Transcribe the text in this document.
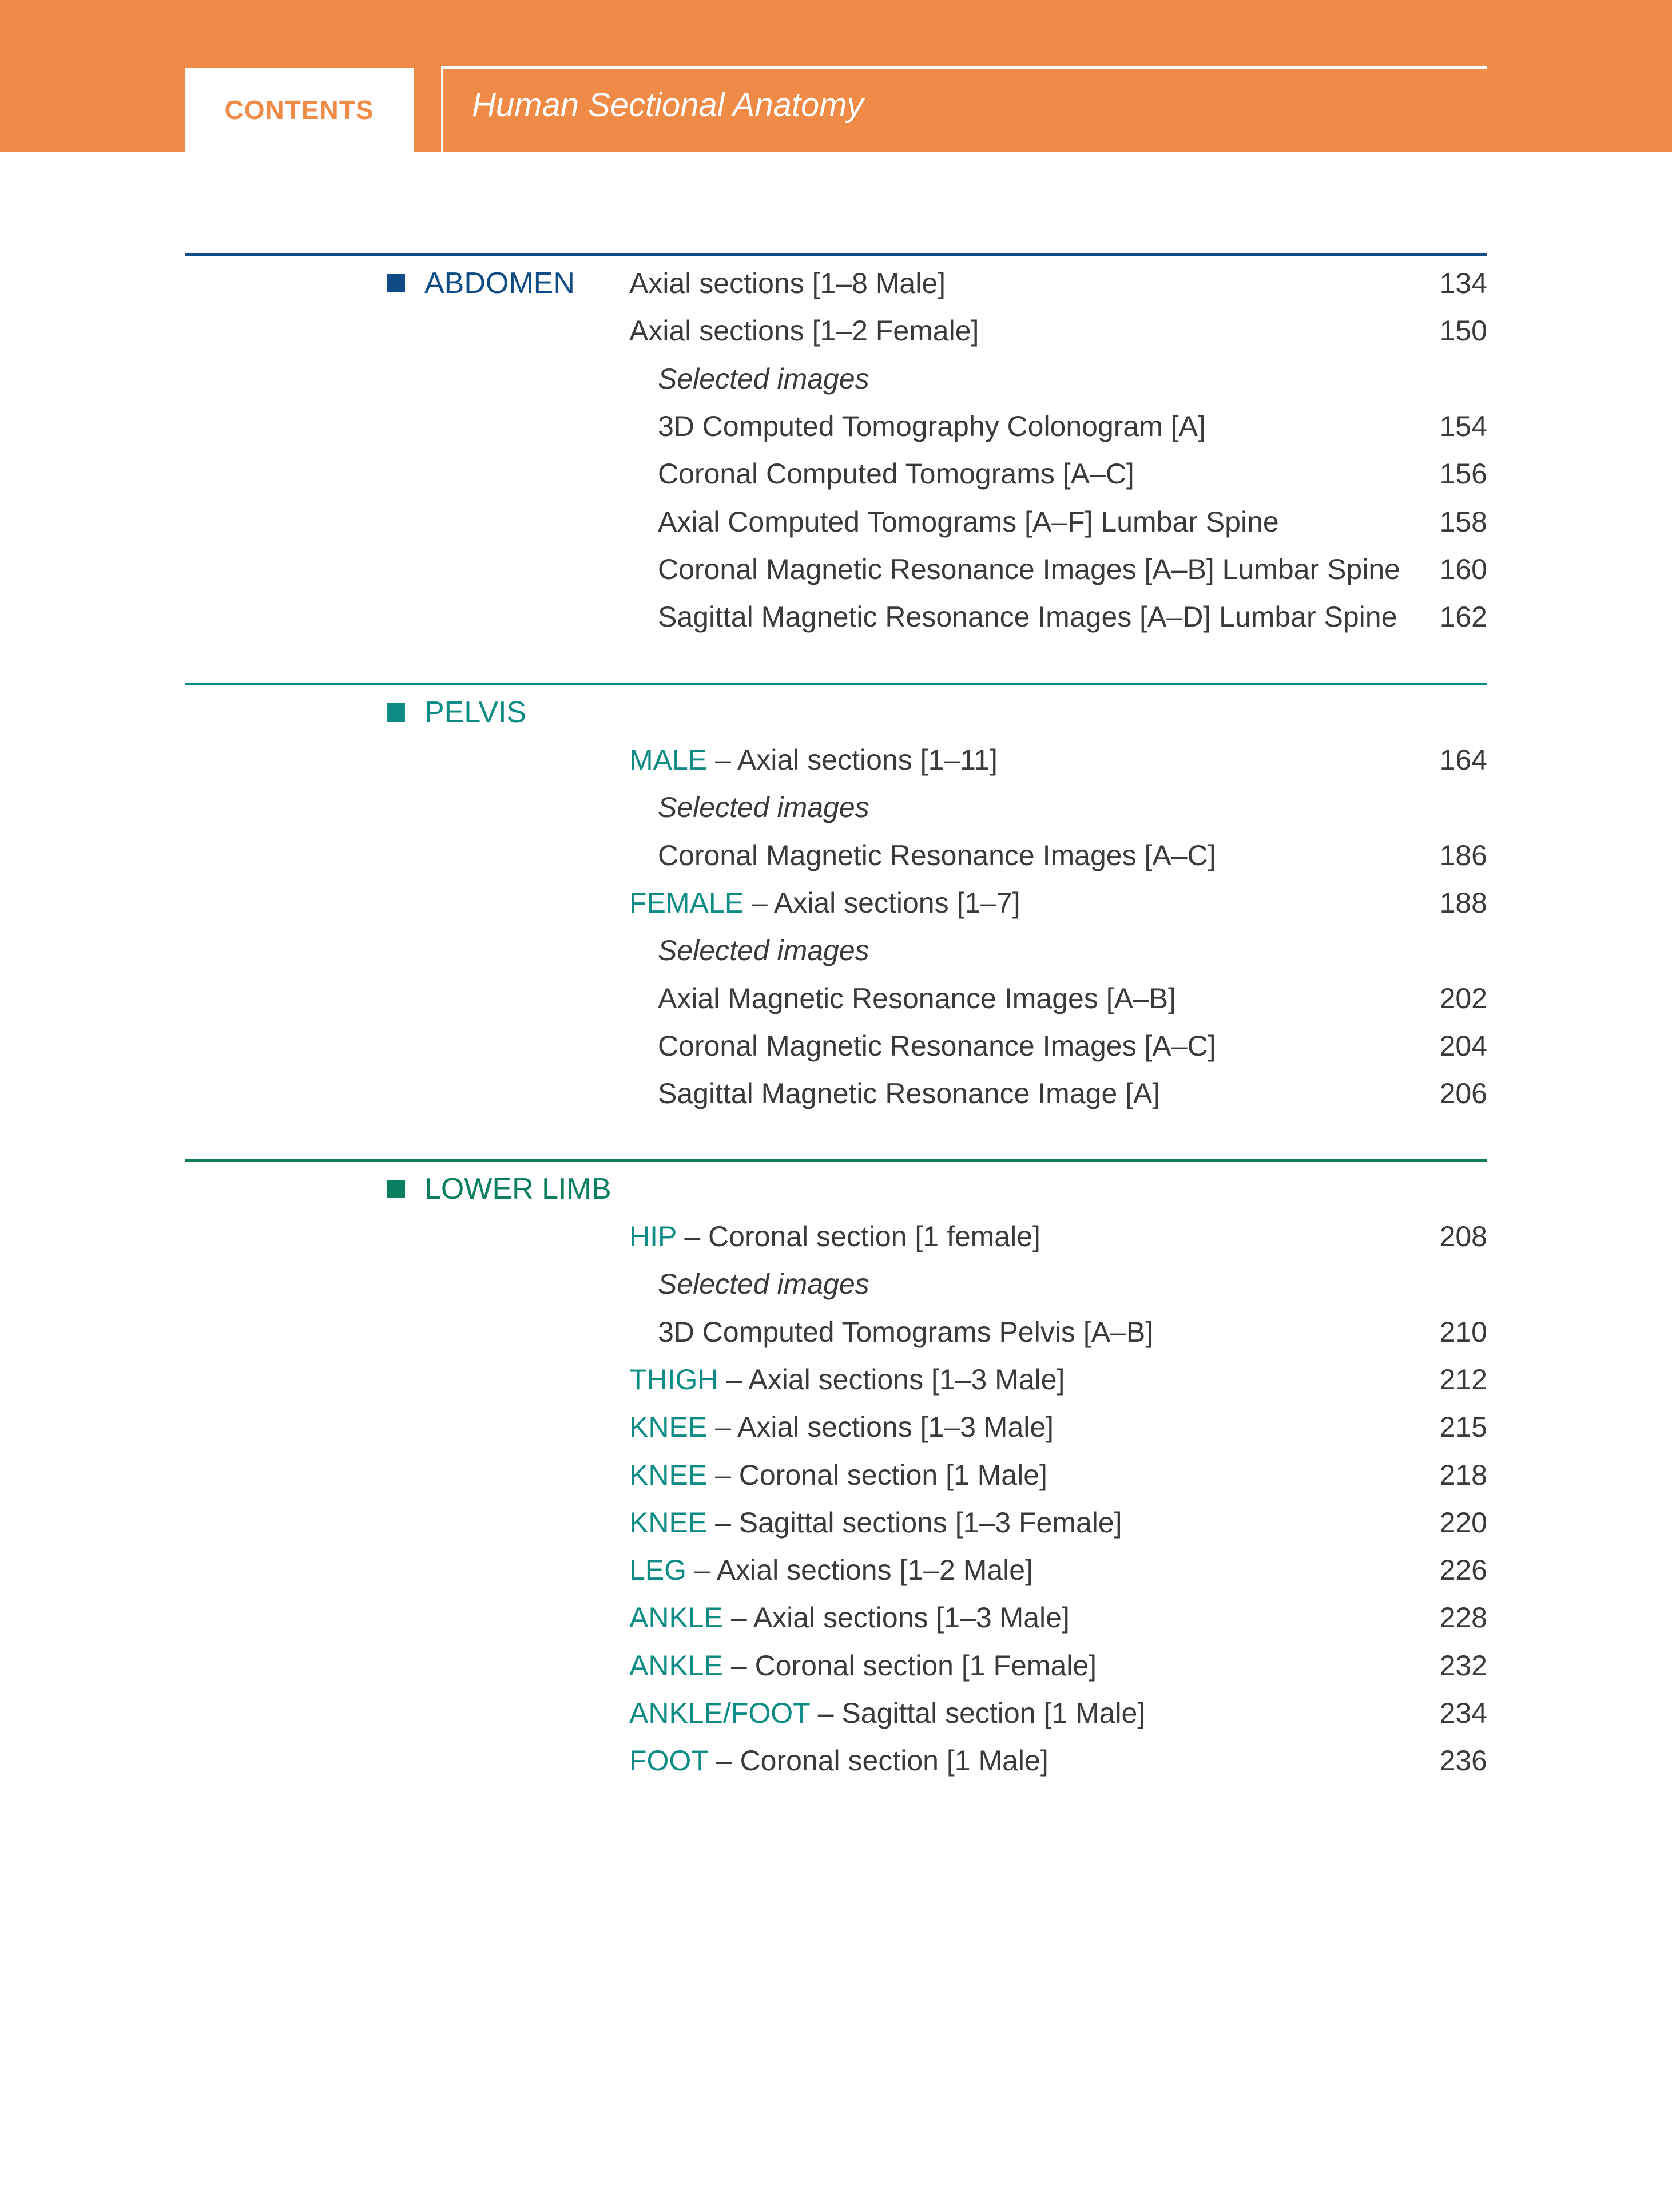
CONTENTS	Human Sectional Anatomy
ABDOMEN Axial sections [1–8 Male]	134
Axial sections [1–2 Female]	150
Selected images
3D Computed Tomography Colonogram [A]	154
Coronal Computed Tomograms [A–C]	156
Axial Computed Tomograms [A–F] Lumbar Spine	158
Coronal Magnetic Resonance Images [A–B] Lumbar Spine 160
Sagittal Magnetic Resonance Images [A–D] Lumbar Spine 162
PELVIS
MALE – Axial sections [1–11]	164
Selected images
Coronal Magnetic Resonance Images [A–C]	186
FEMALE – Axial sections [1–7]	188
Selected images
Axial Magnetic Resonance Images [A–B]	202
Coronal Magnetic Resonance Images [A–C]	204
Sagittal Magnetic Resonance Image [A]	206
LOWER LIMB
HIP – Coronal section [1 female]	208
Selected images
3D Computed Tomograms Pelvis [A–B]	210
THIGH – Axial sections [1–3 Male]	212
KNEE – Axial sections [1–3 Male]	215
KNEE – Coronal section [1 Male]	218
KNEE – Sagittal sections [1–3 Female]	220
LEG – Axial sections [1–2 Male]	226
ANKLE – Axial sections [1–3 Male]	228
ANKLE – Coronal section [1 Female]	232
ANKLE/FOOT – Sagittal section [1 Male]	234
FOOT – Coronal section [1 Male]	236
